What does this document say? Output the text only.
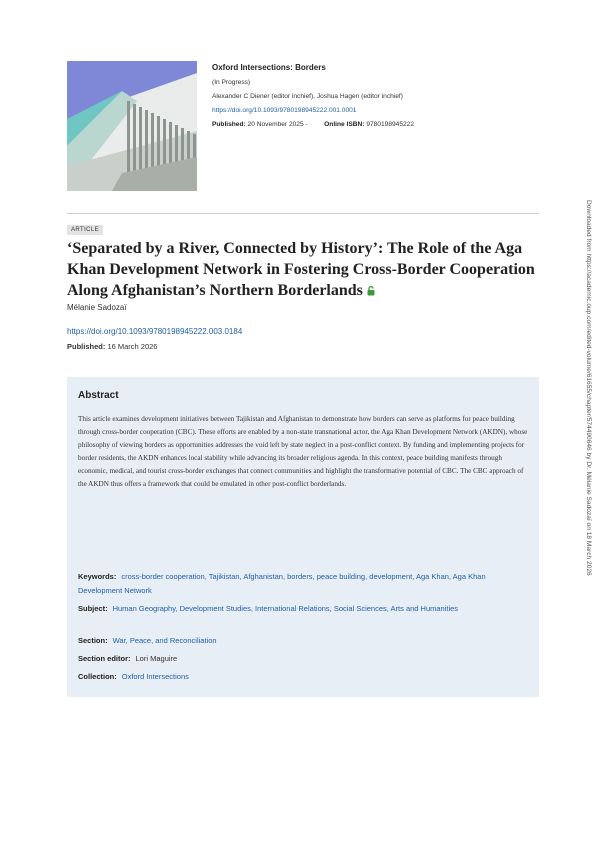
Oxford Intersections: Borders
(In Progress)
Alexander C Diener (editor inchief), Joshua Hagen (editor inchief)
https://doi.org/10.1093/9780198945222.001.0001
Published: 20 November 2025 -	Online ISBN: 9780198945222
ARTICLE
‘Separated by a River, Connected by History’: The Role of the Aga Khan Development Network in Fostering Cross-Border Cooperation Along Afghanistan’s Northern Borderlands
Mélanie Sadozaï
https://doi.org/10.1093/9780198945222.003.0184
Published: 16 March 2026
Abstract

This article examines development initiatives between Tajikistan and Afghanistan to demonstrate how borders can serve as platforms for peace building through cross-border cooperation (CBC). These efforts are enabled by a non-state transnational actor, the Aga Khan Development Network (AKDN), whose philosophy of viewing borders as opportunities addresses the void left by state neglect in a post-conflict context. By funding and implementing projects for border residents, the AKDN enhances local stability while advancing its broader religious agenda. In this context, peace building manifests through economic, medical, and tourist cross-border exchanges that connect communities and highlight the transformative potential of CBC. The CBC approach of the AKDN thus offers a framework that could be emulated in other post-conflict borderlands.

Keywords: cross-border cooperation, Tajikistan, Afghanistan, borders, peace building, development, Aga Khan, Aga Khan Development Network
Subject: Human Geography, Development Studies, International Relations, Social Sciences, Arts and Humanities
Section: War, Peace, and Reconciliation
Section editor: Lori Maguire
Collection: Oxford Intersections
Downloaded from https://academic.oup.com/edited-volume/61655/chapter/574490646 by Dr. Mélanie Sadozaï on 18 March 2026
